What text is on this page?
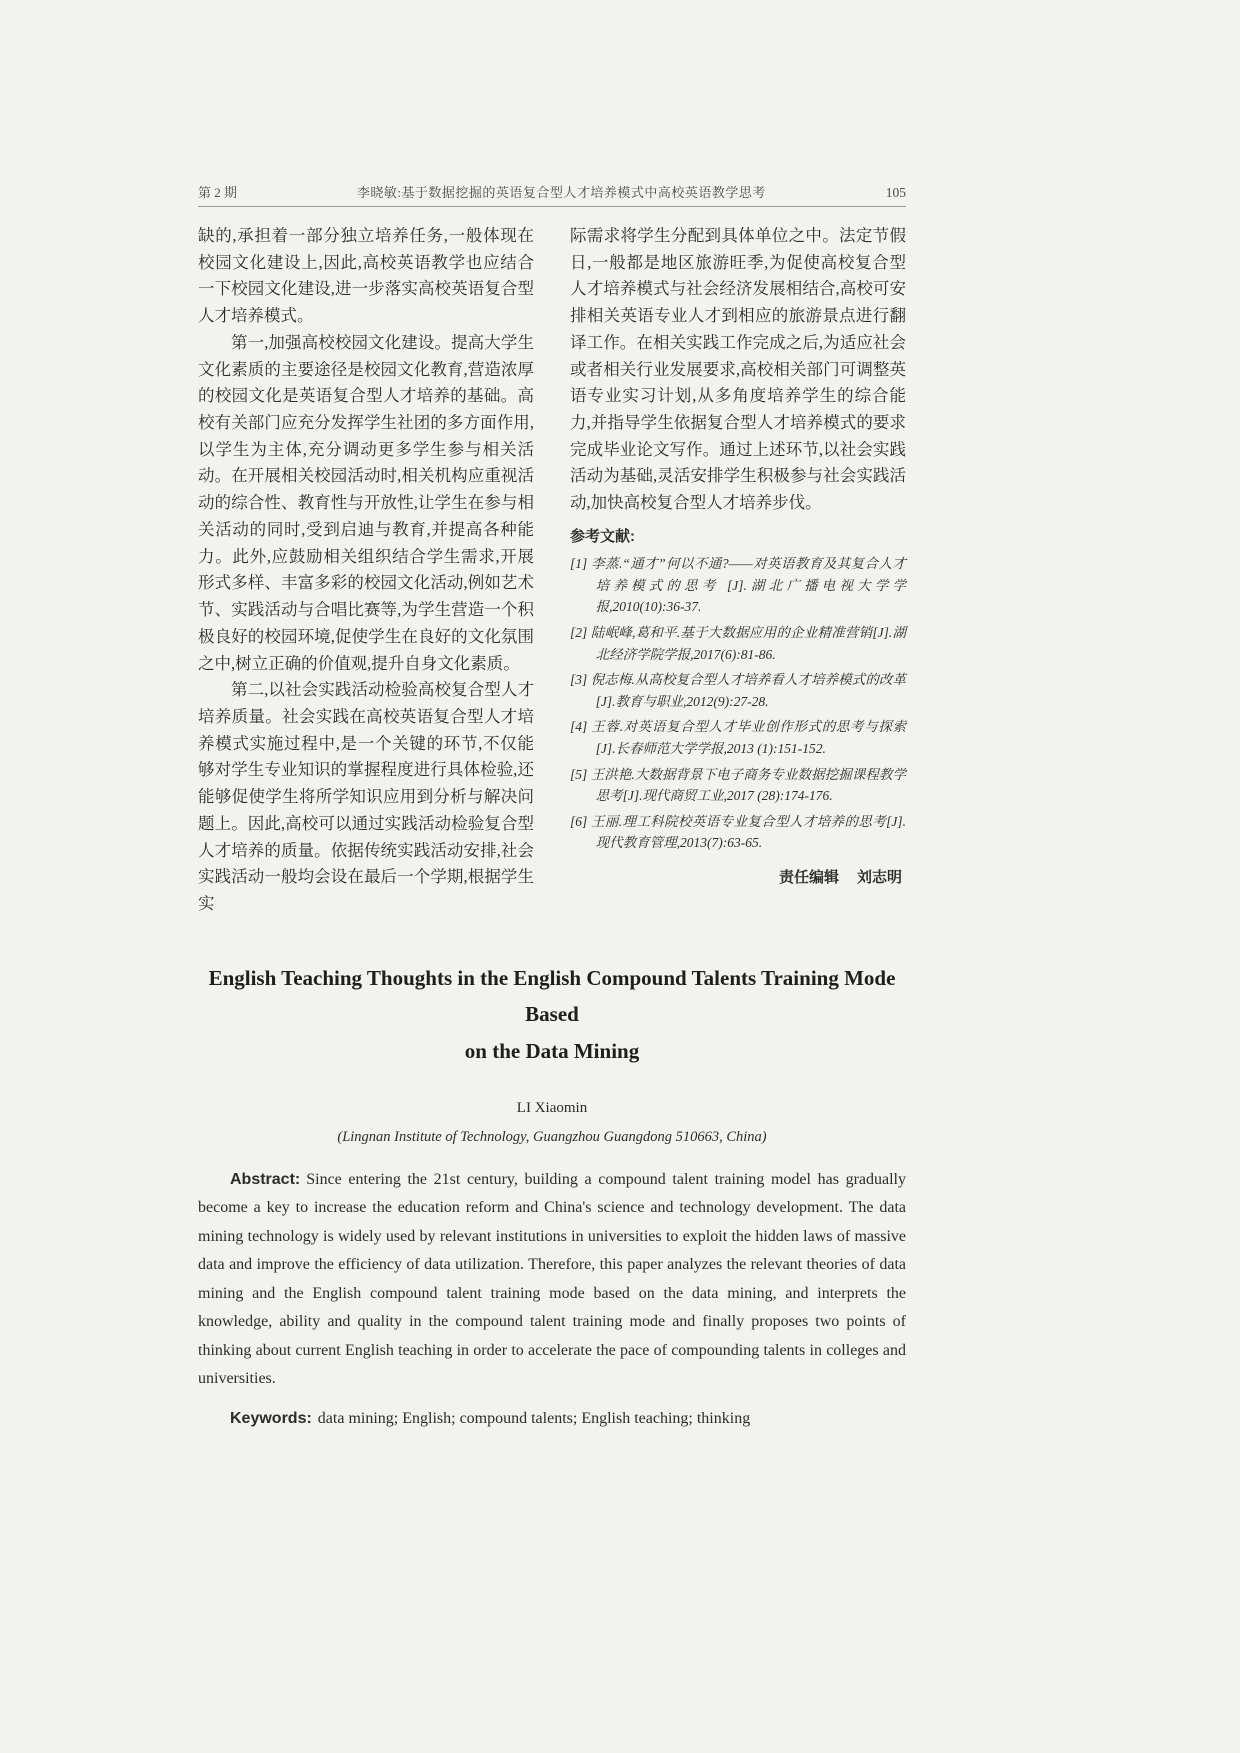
第 2 期	李晓敏:基于数据挖掘的英语复合型人才培养模式中高校英语教学思考	105

缺的,承担着一部分独立培养任务,一般体现在校园文化建设上,因此,高校英语教学也应结合一下校园文化建设,进一步落实高校英语复合型人才培养模式。

第一,加强高校校园文化建设。提高大学生文化素质的主要途径是校园文化教育,营造浓厚的校园文化是英语复合型人才培养的基础。高校有关部门应充分发挥学生社团的多方面作用,以学生为主体,充分调动更多学生参与相关活动。在开展相关校园活动时,相关机构应重视活动的综合性、教育性与开放性,让学生在参与相关活动的同时,受到启迪与教育,并提高各种能力。此外,应鼓励相关组织结合学生需求,开展形式多样、丰富多彩的校园文化活动,例如艺术节、实践活动与合唱比赛等,为学生营造一个积极良好的校园环境,促使学生在良好的文化氛围之中,树立正确的价值观,提升自身文化素质。

第二,以社会实践活动检验高校复合型人才培养质量。社会实践在高校英语复合型人才培养模式实施过程中,是一个关键的环节,不仅能够对学生专业知识的掌握程度进行具体检验,还能够促使学生将所学知识应用到分析与解决问题上。因此,高校可以通过实践活动检验复合型人才培养的质量。依据传统实践活动安排,社会实践活动一般均会设在最后一个学期,根据学生实

际需求将学生分配到具体单位之中。法定节假日,一般都是地区旅游旺季,为促使高校复合型人才培养模式与社会经济发展相结合,高校可安排相关英语专业人才到相应的旅游景点进行翻译工作。在相关实践工作完成之后,为适应社会或者相关行业发展要求,高校相关部门可调整英语专业实习计划,从多角度培养学生的综合能力,并指导学生依据复合型人才培养模式的要求完成毕业论文写作。通过上述环节,以社会实践活动为基础,灵活安排学生积极参与社会实践活动,加快高校复合型人才培养步伐。

参考文献:
[1] 李蒸.“通才”何以不通?——对英语教育及其复合人才培养模式的思考 [J].湖北广播电视大学学报,2010(10):36-37.
[2] 陆岷峰,葛和平.基于大数据应用的企业精准营销[J].湖北经济学院学报,2017(6):81-86.
[3] 倪志梅.从高校复合型人才培养看人才培养模式的改革[J].教育与职业,2012(9):27-28.
[4] 王蓉.对英语复合型人才毕业创作形式的思考与探索[J].长春师范大学学报,2013 (1):151-152.
[5] 王洪艳.大数据背景下电子商务专业数据挖掘课程教学思考[J].现代商贸工业,2017 (28):174-176.
[6] 王丽.理工科院校英语专业复合型人才培养的思考[J].现代教育管理,2013(7):63-65.
责任编辑 刘志明
English Teaching Thoughts in the English Compound Talents Training Mode Based
on the Data Mining
LI Xiaomin
(Lingnan Institute of Technology, Guangzhou Guangdong 510663, China)

Abstract: Since entering the 21st century, building a compound talent training model has gradually become a key to increase the education reform and China's science and technology development. The data mining technology is widely used by relevant institutions in universities to exploit the hidden laws of massive data and improve the efficiency of data utilization. Therefore, this paper analyzes the relevant theories of data mining and the English compound talent training mode based on the data mining, and interprets the knowledge, ability and quality in the compound talent training mode and finally proposes two points of thinking about current English teaching in order to accelerate the pace of compounding talents in colleges and universities.

Keywords: data mining; English; compound talents; English teaching; thinking
